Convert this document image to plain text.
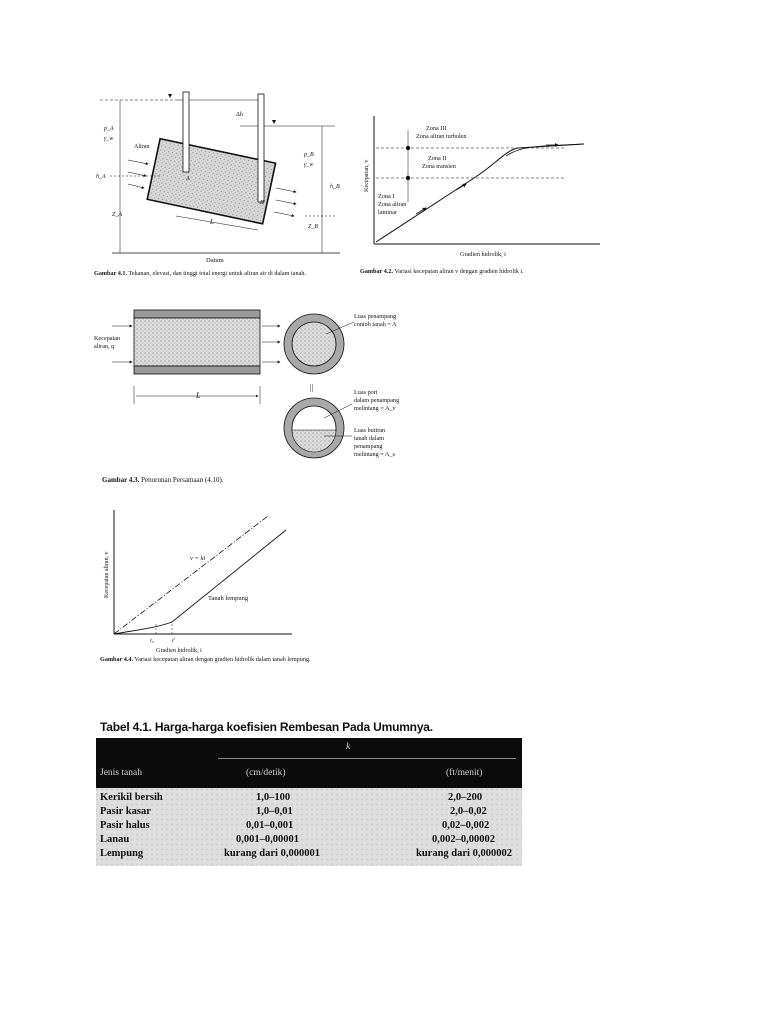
Δh
p_A
γ_w
Aliran
h_A
Z_A
A
B
L
p_B
γ_w
h_B
Z_B
Datum
Gambar 4.1. Tekanan, elevasi, dan tinggi total energi untuk aliran air di dalam tanah.
Zona III
Zona aliran turbulen
Zona II
Zona transien
Zona I
Zona aliran
laminar
Kecepatan, v
Gradien hidrolik, i
Gambar 4.2. Variasi kecepatan aliran v dengan gradien hidrolik i.
L
Kecepatan
aliran, q
||
Luas penampang
contoh tanah = A
Luas pori
dalam penampang
melintang = A_v
Luas butiran
tanah dalam
penampang
melintang = A_s
Gambar 4.3. Penurunan Persamaan (4.10).
v = ki
Tanah lempung
i₀	i'
Kecepatan aliran, v
Gradien hidrolik, i
Gambar 4.4. Variasi kecepatan aliran dengan gradien hidrolik dalam tanah lempung.
Tabel 4.1. Harga-harga koefisien Rembesan Pada Umumnya.
k
Jenis tanah	(cm/detik)	(ft/menit)
Kerikil bersih	1,0–100	2,0–200
Pasir kasar	1,0–0,01	2,0–0,02
Pasir halus	0,01–0,001	0,02–0,002
Lanau	0,001–0,00001	0,002–0,00002
Lempung	kurang dari 0,000001	kurang dari 0,000002
